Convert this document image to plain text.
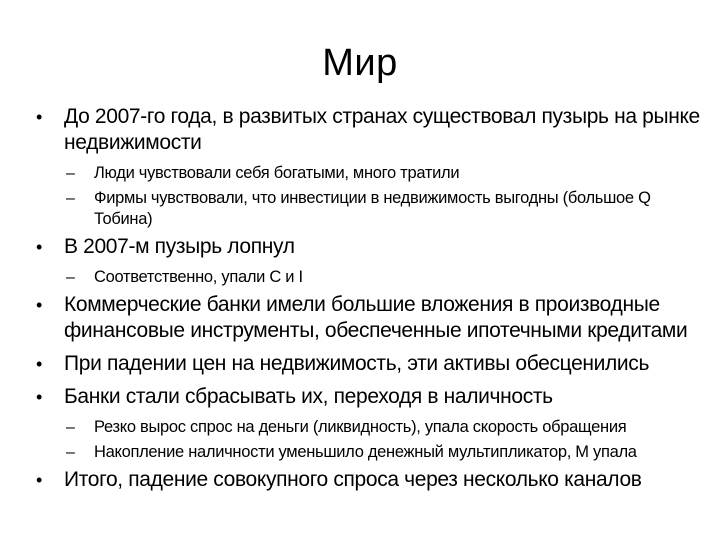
Мир
• До 2007-го года, в развитых странах существовал пузырь на рынке недвижимости
– Люди чувствовали себя богатыми, много тратили
– Фирмы чувствовали, что инвестиции в недвижимость выгодны (большое Q Тобина)
• В 2007-м пузырь лопнул
– Соответственно, упали C и I
• Коммерческие банки имели большие вложения в производные финансовые инструменты, обеспеченные ипотечными кредитами
• При падении цен на недвижимость, эти активы обесценились
• Банки стали сбрасывать их, переходя в наличность
– Резко вырос спрос на деньги (ликвидность), упала скорость обращения
– Накопление наличности уменьшило денежный мультипликатор, M упала
• Итого, падение совокупного спроса через несколько каналов
